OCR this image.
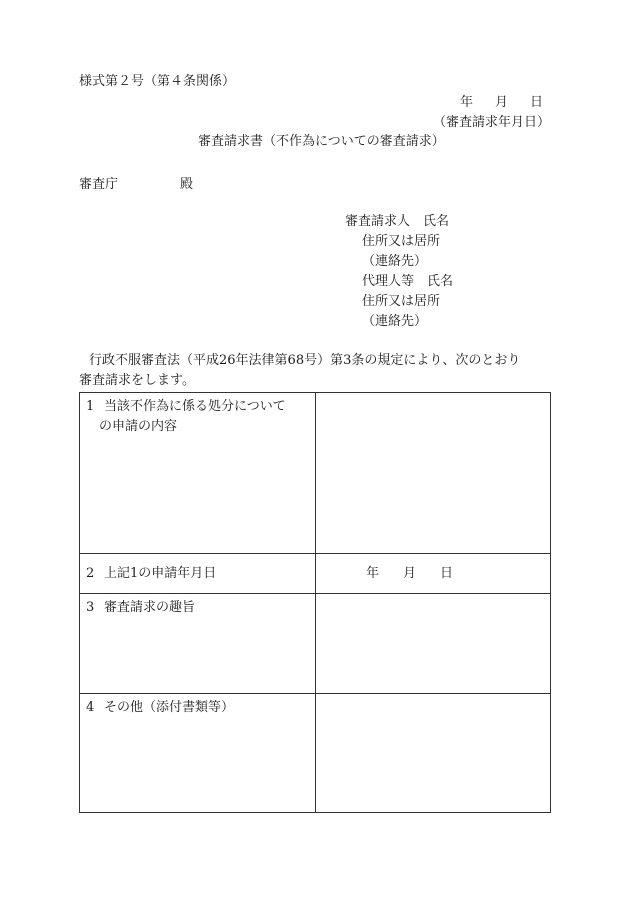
様式第２号（第４条関係）
年 月 日
（審査請求年月日）
審査請求書（不作為についての審査請求）
審査庁	殿
審査請求人　氏名
住所又は居所
（連絡先）
代理人等　氏名
住所又は居所
（連絡先）
行政不服審査法（平成26年法律第68号）第3条の規定により、次のとおり
審査請求をします。
1 当該不作為に係る処分について
の申請の内容
2 上記1の申請年月日	年 月 日
3 審査請求の趣旨
4 その他（添付書類等）
